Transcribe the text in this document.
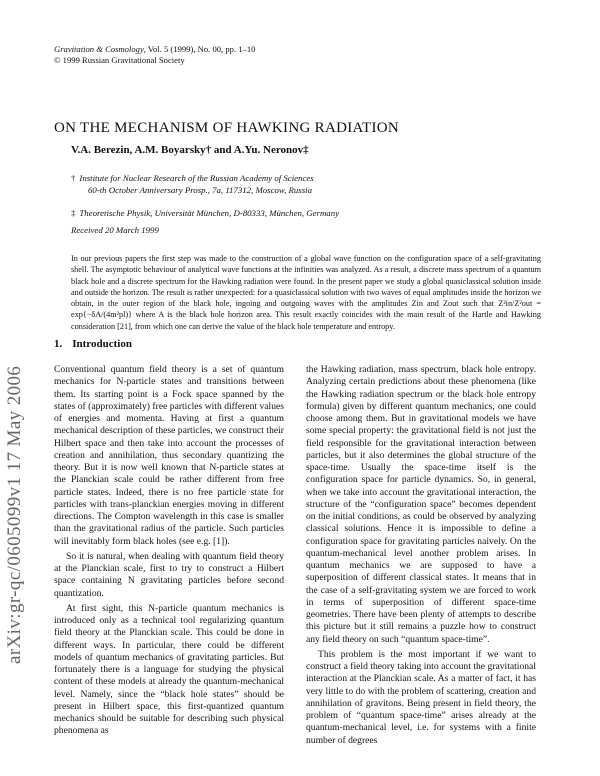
arXiv:gr-qc/0605099v1 17 May 2006
Gravitation & Cosmology, Vol. 5 (1999), No. 00, pp. 1–10
© 1999 Russian Gravitational Society
ON THE MECHANISM OF HAWKING RADIATION
V.A. Berezin, A.M. Boyarsky† and A.Yu. Neronov‡
† Institute for Nuclear Research of the Russian Academy of Sciences
60-th October Anniversary Prosp., 7a, 117312, Moscow, Russia
‡ Theoretische Physik, Universität München, D-80333, München, Germany
Received 20 March 1999
In our previous papers the first step was made to the construction of a global wave function on the configuration space of a self-gravitating shell. The asymptotic behaviour of analytical wave functions at the infinities was analyzed. As a result, a discrete mass spectrum of a quantum black hole and a discrete spectrum for the Hawking radiation were found. In the present paper we study a global quasiclassical solution inside and outside the horizon. The result is rather unexpected: for a quasiclassical solution with two waves of equal amplitudes inside the horizon we obtain, in the outer region of the black hole, ingoing and outgoing waves with the amplitudes Zin and Zout such that Z²in/Z²out = exp{−δA/(4m²pl)} where A is the black hole horizon area. This result exactly coincides with the main result of the Hartle and Hawking consideration [21], from which one can derive the value of the black hole temperature and entropy.
1. Introduction

Conventional quantum field theory is a set of quantum mechanics for N-particle states and transitions between them. Its starting point is a Fock space spanned by the states of (approximately) free particles with different values of energies and momenta. Having at first a quantum mechanical description of these particles, we construct their Hilbert space and then take into account the processes of creation and annihilation, thus secondary quantizing the theory. But it is now well known that N-particle states at the Planckian scale could be rather different from free particle states. Indeed, there is no free particle state for particles with trans-planckian energies moving in different directions. The Compton wavelength in this case is smaller than the gravitational radius of the particle. Such particles will inevitably form black holes (see e.g. [1]).

So it is natural, when dealing with quantum field theory at the Planckian scale, first to try to construct a Hilbert space containing N gravitating particles before second quantization.

At first sight, this N-particle quantum mechanics is introduced only as a technical tool regularizing quantum field theory at the Planckian scale. This could be done in different ways. In particular, there could be different models of quantum mechanics of gravitating particles. But fortunately there is a language for studying the physical content of these models at already the quantum-mechanical level. Namely, since the “black hole states” should be present in Hilbert space, this first-quantized quantum mechanics should be suitable for describing such physical phenomena as

the Hawking radiation, mass spectrum, black hole entropy. Analyzing certain predictions about these phenomena (like the Hawking radiation spectrum or the black hole entropy formula) given by different quantum mechanics, one could choose among them. But in gravitational models we have some special property: the gravitational field is not just the field responsible for the gravitational interaction between particles, but it also determines the global structure of the space-time. Usually the space-time itself is the configuration space for particle dynamics. So, in general, when we take into account the gravitational interaction, the structure of the “configuration space” becomes dependent on the initial conditions, as could be observed by analyzing classical solutions. Hence it is impossible to define a configuration space for gravitating particles naively. On the quantum-mechanical level another problem arises. In quantum mechanics we are supposed to have a superposition of different classical states. It means that in the case of a self-gravitating system we are forced to work in terms of superposition of different space-time geometries. There have been plenty of attempts to describe this picture but it still remains a puzzle how to construct any field theory on such “quantum space-time”.

This problem is the most important if we want to construct a field theory taking into account the gravitational interaction at the Planckian scale. As a matter of fact, it has very little to do with the problem of scattering, creation and annihilation of gravitons. Being present in field theory, the problem of “quantum space-time” arises already at the quantum-mechanical level, i.e. for systems with a finite number of degrees
